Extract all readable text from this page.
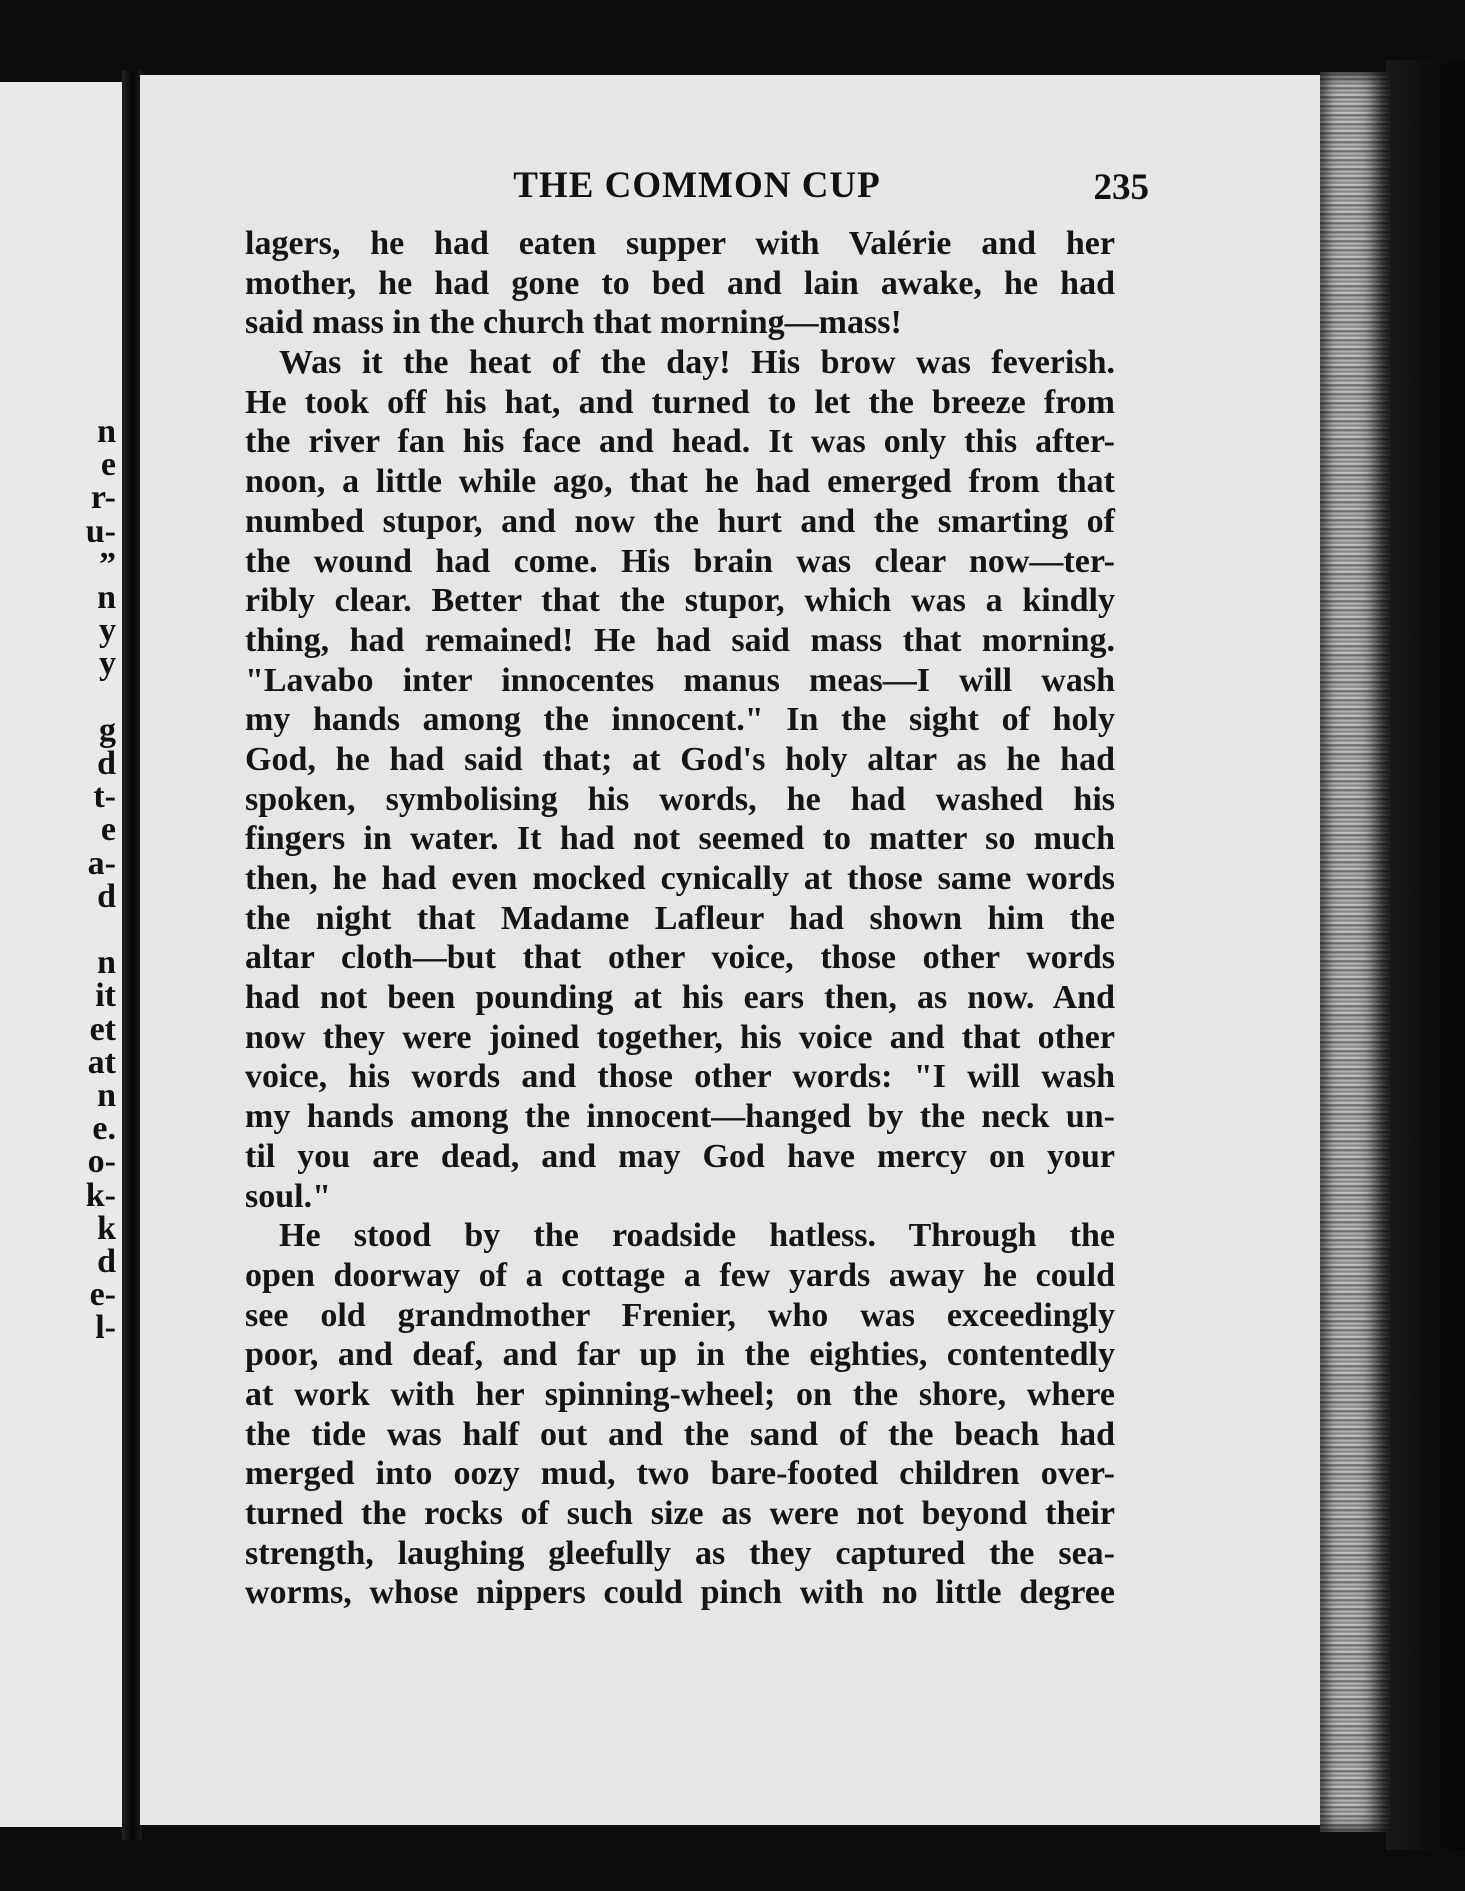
n
e
r-
u-
”
n
y
y
g
d
t-
e
a-
d
n
it
et
at
n
e.
o-
k-
k
d
e-
l-
THE COMMON CUP	235
lagers, he had eaten supper with Valérie and her
mother, he had gone to bed and lain awake, he had
said mass in the church that morning—mass!
Was it the heat of the day! His brow was feverish.
He took off his hat, and turned to let the breeze from
the river fan his face and head. It was only this after-
noon, a little while ago, that he had emerged from that
numbed stupor, and now the hurt and the smarting of
the wound had come. His brain was clear now—ter-
ribly clear. Better that the stupor, which was a kindly
thing, had remained! He had said mass that morning.
"Lavabo inter innocentes manus meas—I will wash
my hands among the innocent." In the sight of holy
God, he had said that; at God's holy altar as he had
spoken, symbolising his words, he had washed his
fingers in water. It had not seemed to matter so much
then, he had even mocked cynically at those same words
the night that Madame Lafleur had shown him the
altar cloth—but that other voice, those other words
had not been pounding at his ears then, as now. And
now they were joined together, his voice and that other
voice, his words and those other words: "I will wash
my hands among the innocent—hanged by the neck un-
til you are dead, and may God have mercy on your
soul."
He stood by the roadside hatless. Through the
open doorway of a cottage a few yards away he could
see old grandmother Frenier, who was exceedingly
poor, and deaf, and far up in the eighties, contentedly
at work with her spinning-wheel; on the shore, where
the tide was half out and the sand of the beach had
merged into oozy mud, two bare-footed children over-
turned the rocks of such size as were not beyond their
strength, laughing gleefully as they captured the sea-
worms, whose nippers could pinch with no little degree
